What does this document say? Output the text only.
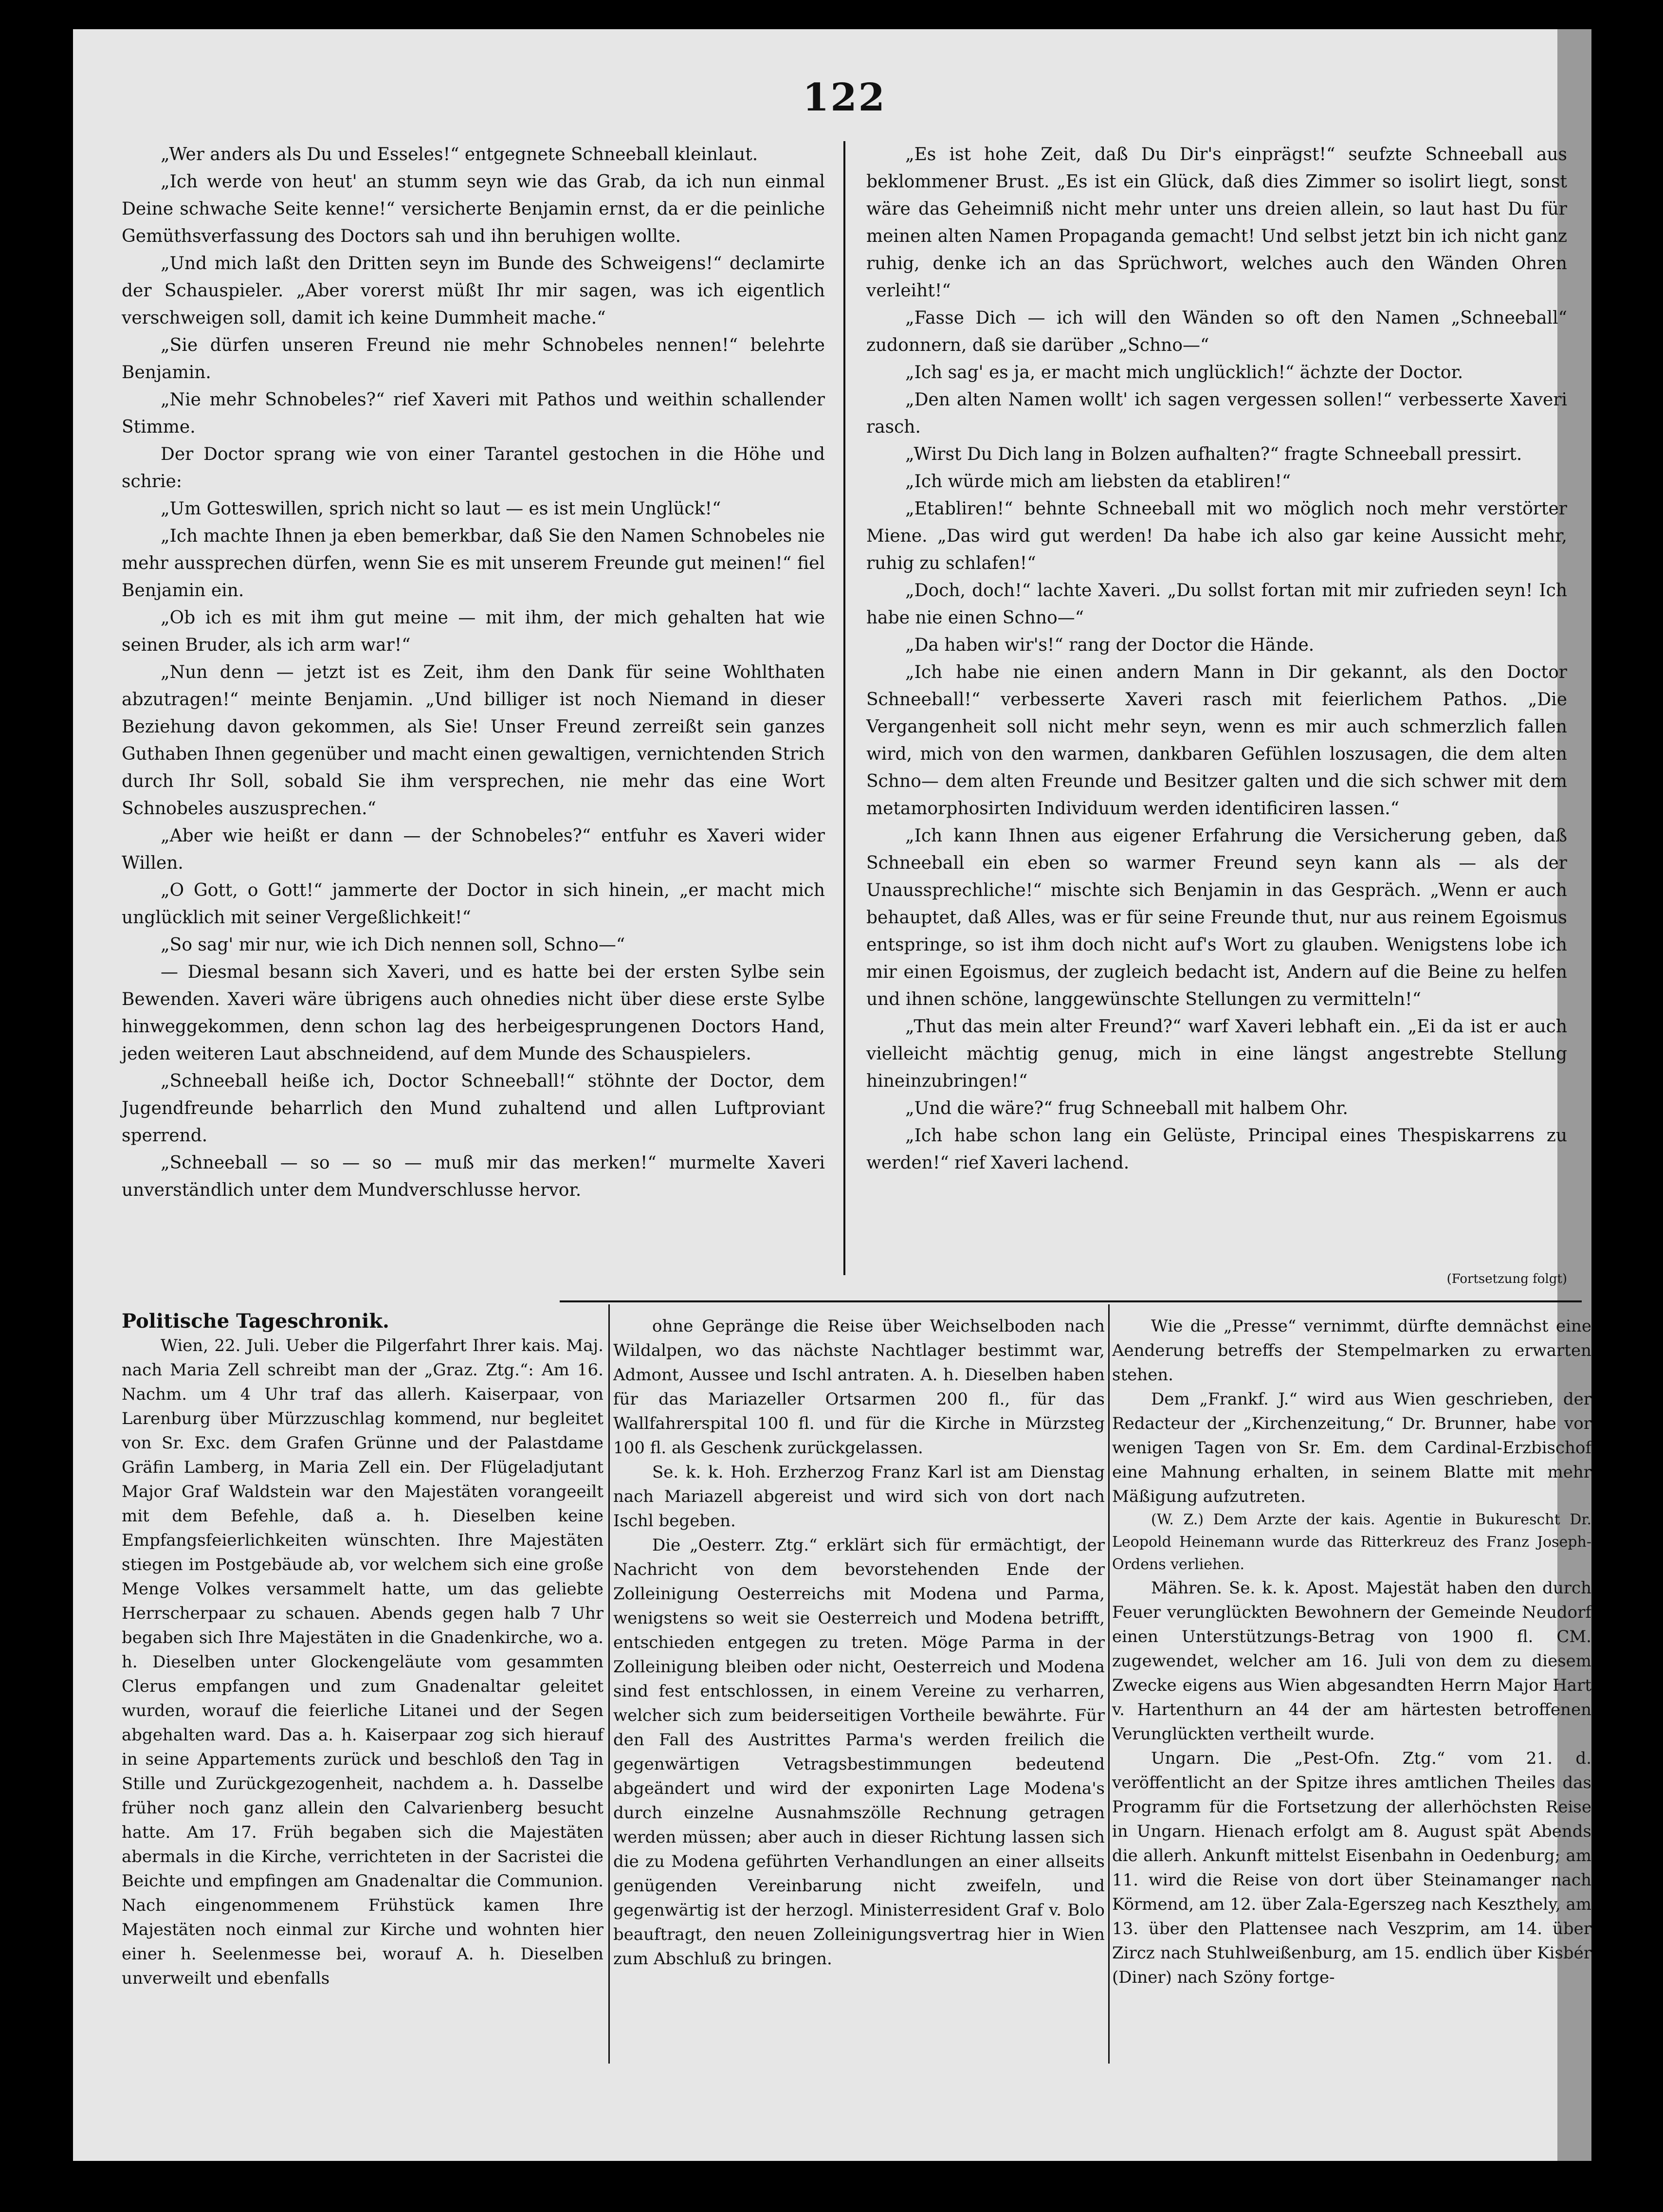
122

„Wer anders als Du und Esseles!“ entgegnete Schneeball kleinlaut.

„Ich werde von heut' an stumm seyn wie das Grab, da ich nun einmal Deine schwache Seite kenne!“ versicherte Benjamin ernst, da er die peinliche Gemüthsverfassung des Doctors sah und ihn beruhigen wollte.

„Und mich laßt den Dritten seyn im Bunde des Schweigens!“ declamirte der Schauspieler. „Aber vorerst müßt Ihr mir sagen, was ich eigentlich verschweigen soll, damit ich keine Dummheit mache.“

„Sie dürfen unseren Freund nie mehr Schnobeles nennen!“ belehrte Benjamin.

„Nie mehr Schnobeles?“ rief Xaveri mit Pathos und weithin schallender Stimme.

Der Doctor sprang wie von einer Tarantel gestochen in die Höhe und schrie:

„Um Gotteswillen, sprich nicht so laut — es ist mein Unglück!“

„Ich machte Ihnen ja eben bemerkbar, daß Sie den Namen Schnobeles nie mehr aussprechen dürfen, wenn Sie es mit unserem Freunde gut meinen!“ fiel Benjamin ein.

„Ob ich es mit ihm gut meine — mit ihm, der mich gehalten hat wie seinen Bruder, als ich arm war!“

„Nun denn — jetzt ist es Zeit, ihm den Dank für seine Wohlthaten abzutragen!“ meinte Benjamin. „Und billiger ist noch Niemand in dieser Beziehung davon gekommen, als Sie! Unser Freund zerreißt sein ganzes Guthaben Ihnen gegenüber und macht einen gewaltigen, vernichtenden Strich durch Ihr Soll, sobald Sie ihm versprechen, nie mehr das eine Wort Schnobeles auszusprechen.“

„Aber wie heißt er dann — der Schnobeles?“ entfuhr es Xaveri wider Willen.

„O Gott, o Gott!“ jammerte der Doctor in sich hinein, „er macht mich unglücklich mit seiner Vergeßlichkeit!“

„So sag' mir nur, wie ich Dich nennen soll, Schno—“

— Diesmal besann sich Xaveri, und es hatte bei der ersten Sylbe sein Bewenden. Xaveri wäre übrigens auch ohnedies nicht über diese erste Sylbe hinweggekommen, denn schon lag des herbeigesprungenen Doctors Hand, jeden weiteren Laut abschneidend, auf dem Munde des Schauspielers.

„Schneeball heiße ich, Doctor Schneeball!“ stöhnte der Doctor, dem Jugendfreunde beharrlich den Mund zuhaltend und allen Luftproviant sperrend.

„Schneeball — so — so — muß mir das merken!“ murmelte Xaveri unverständlich unter dem Mundverschlusse hervor.

„Es ist hohe Zeit, daß Du Dir's einprägst!“ seufzte Schneeball aus beklommener Brust. „Es ist ein Glück, daß dies Zimmer so isolirt liegt, sonst wäre das Geheimniß nicht mehr unter uns dreien allein, so laut hast Du für meinen alten Namen Propaganda gemacht! Und selbst jetzt bin ich nicht ganz ruhig, denke ich an das Sprüchwort, welches auch den Wänden Ohren verleiht!“

„Fasse Dich — ich will den Wänden so oft den Namen „Schneeball“ zudonnern, daß sie darüber „Schno—“

„Ich sag' es ja, er macht mich unglücklich!“ ächzte der Doctor.

„Den alten Namen wollt' ich sagen vergessen sollen!“ verbesserte Xaveri rasch.

„Wirst Du Dich lang in Bolzen aufhalten?“ fragte Schneeball pressirt.

„Ich würde mich am liebsten da etabliren!“

„Etabliren!“ behnte Schneeball mit wo möglich noch mehr verstörter Miene. „Das wird gut werden! Da habe ich also gar keine Aussicht mehr, ruhig zu schlafen!“

„Doch, doch!“ lachte Xaveri. „Du sollst fortan mit mir zufrieden seyn! Ich habe nie einen Schno—“

„Da haben wir's!“ rang der Doctor die Hände.

„Ich habe nie einen andern Mann in Dir gekannt, als den Doctor Schneeball!“ verbesserte Xaveri rasch mit feierlichem Pathos. „Die Vergangenheit soll nicht mehr seyn, wenn es mir auch schmerzlich fallen wird, mich von den warmen, dankbaren Gefühlen loszusagen, die dem alten Schno— dem alten Freunde und Besitzer galten und die sich schwer mit dem metamorphosirten Individuum werden identificiren lassen.“

„Ich kann Ihnen aus eigener Erfahrung die Versicherung geben, daß Schneeball ein eben so warmer Freund seyn kann als — als der Unaussprechliche!“ mischte sich Benjamin in das Gespräch. „Wenn er auch behauptet, daß Alles, was er für seine Freunde thut, nur aus reinem Egoismus entspringe, so ist ihm doch nicht auf's Wort zu glauben. Wenigstens lobe ich mir einen Egoismus, der zugleich bedacht ist, Andern auf die Beine zu helfen und ihnen schöne, langgewünschte Stellungen zu vermitteln!“

„Thut das mein alter Freund?“ warf Xaveri lebhaft ein. „Ei da ist er auch vielleicht mächtig genug, mich in eine längst angestrebte Stellung hineinzubringen!“

„Und die wäre?“ frug Schneeball mit halbem Ohr.

„Ich habe schon lang ein Gelüste, Principal eines Thespiskarrens zu werden!“ rief Xaveri lachend.

(Fortsetzung folgt)

Politische Tageschronik.

Wien, 22. Juli. Ueber die Pilgerfahrt Ihrer kais. Maj. nach Maria Zell schreibt man der „Graz. Ztg.“: Am 16. Nachm. um 4 Uhr traf das allerh. Kaiserpaar, von Larenburg über Mürzzuschlag kommend, nur begleitet von Sr. Exc. dem Grafen Grünne und der Palastdame Gräfin Lamberg, in Maria Zell ein. Der Flügeladjutant Major Graf Waldstein war den Majestäten vorangeeilt mit dem Befehle, daß a. h. Dieselben keine Empfangsfeierlichkeiten wünschten. Ihre Majestäten stiegen im Postgebäude ab, vor welchem sich eine große Menge Volkes versammelt hatte, um das geliebte Herrscherpaar zu schauen. Abends gegen halb 7 Uhr begaben sich Ihre Majestäten in die Gnadenkirche, wo a. h. Dieselben unter Glockengeläute vom gesammten Clerus empfangen und zum Gnadenaltar geleitet wurden, worauf die feierliche Litanei und der Segen abgehalten ward. Das a. h. Kaiserpaar zog sich hierauf in seine Appartements zurück und beschloß den Tag in Stille und Zurückgezogenheit, nachdem a. h. Dasselbe früher noch ganz allein den Calvarienberg besucht hatte. Am 17. Früh begaben sich die Majestäten abermals in die Kirche, verrichteten in der Sacristei die Beichte und empfingen am Gnadenaltar die Communion. Nach eingenommenem Frühstück kamen Ihre Majestäten noch einmal zur Kirche und wohnten hier einer h. Seelenmesse bei, worauf A. h. Dieselben unverweilt und ebenfalls

ohne Gepränge die Reise über Weichselboden nach Wildalpen, wo das nächste Nachtlager bestimmt war, Admont, Aussee und Ischl antraten. A. h. Dieselben haben für das Mariazeller Ortsarmen 200 fl., für das Wallfahrerspital 100 fl. und für die Kirche in Mürzsteg 100 fl. als Geschenk zurückgelassen.

Se. k. k. Hoh. Erzherzog Franz Karl ist am Dienstag nach Mariazell abgereist und wird sich von dort nach Ischl begeben.

Die „Oesterr. Ztg.“ erklärt sich für ermächtigt, der Nachricht von dem bevorstehenden Ende der Zolleinigung Oesterreichs mit Modena und Parma, wenigstens so weit sie Oesterreich und Modena betrifft, entschieden entgegen zu treten. Möge Parma in der Zolleinigung bleiben oder nicht, Oesterreich und Modena sind fest entschlossen, in einem Vereine zu verharren, welcher sich zum beiderseitigen Vortheile bewährte. Für den Fall des Austrittes Parma's werden freilich die gegenwärtigen Vetragsbestimmungen bedeutend abgeändert und wird der exponirten Lage Modena's durch einzelne Ausnahmszölle Rechnung getragen werden müssen; aber auch in dieser Richtung lassen sich die zu Modena geführten Verhandlungen an einer allseits genügenden Vereinbarung nicht zweifeln, und gegenwärtig ist der herzogl. Ministerresident Graf v. Bolo beauftragt, den neuen Zolleinigungsvertrag hier in Wien zum Abschluß zu bringen.

Wie die „Presse“ vernimmt, dürfte demnächst eine Aenderung betreffs der Stempelmarken zu erwarten stehen.

Dem „Frankf. J.“ wird aus Wien geschrieben, der Redacteur der „Kirchenzeitung,“ Dr. Brunner, habe vor wenigen Tagen von Sr. Em. dem Cardinal-Erzbischof eine Mahnung erhalten, in seinem Blatte mit mehr Mäßigung aufzutreten.

(W. Z.) Dem Arzte der kais. Agentie in Bukurescht Dr. Leopold Heinemann wurde das Ritterkreuz des Franz Joseph-Ordens verliehen.

Mähren. Se. k. k. Apost. Majestät haben den durch Feuer verunglückten Bewohnern der Gemeinde Neudorf einen Unterstützungs-Betrag von 1900 fl. CM. zugewendet, welcher am 16. Juli von dem zu diesem Zwecke eigens aus Wien abgesandten Herrn Major Hart v. Hartenthurn an 44 der am härtesten betroffenen Verunglückten vertheilt wurde.

Ungarn. Die „Pest-Ofn. Ztg.“ vom 21. d. veröffentlicht an der Spitze ihres amtlichen Theiles das Programm für die Fortsetzung der allerhöchsten Reise in Ungarn. Hienach erfolgt am 8. August spät Abends die allerh. Ankunft mittelst Eisenbahn in Oedenburg; am 11. wird die Reise von dort über Steinamanger nach Körmend, am 12. über Zala-Egerszeg nach Keszthely, am 13. über den Plattensee nach Veszprim, am 14. über Zircz nach Stuhlweißenburg, am 15. endlich über Kisbér (Diner) nach Szöny fortge-
